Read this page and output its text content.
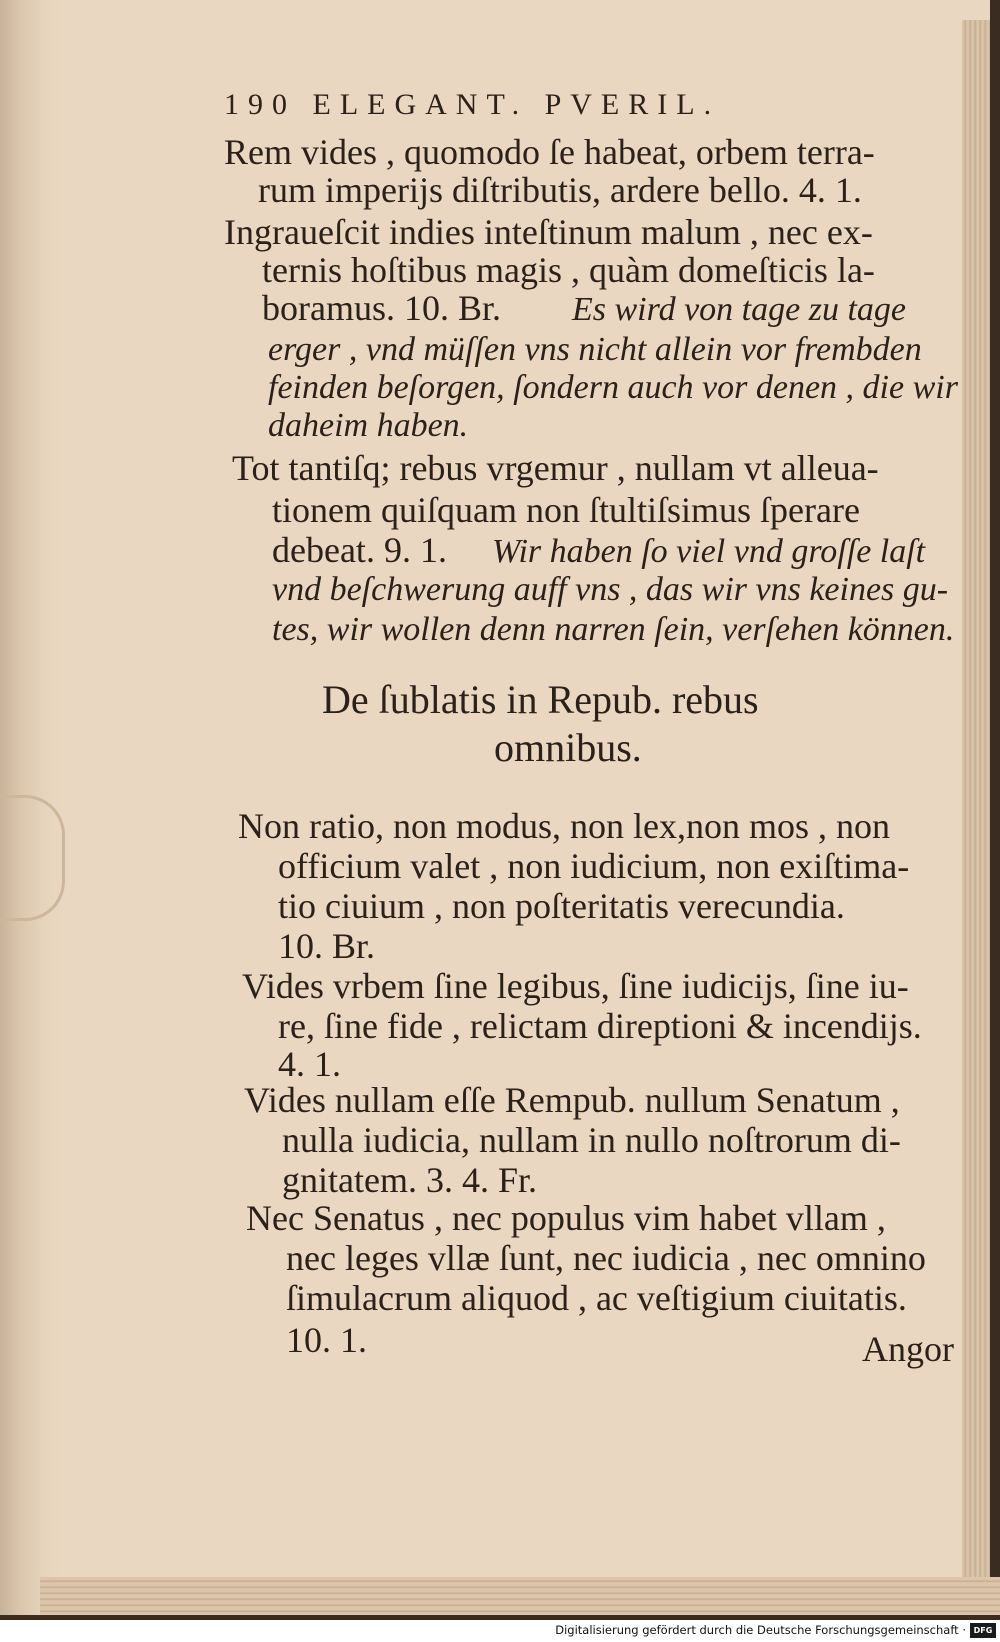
190 ELEGANT. PVERIL.
Rem vides , quomodo ſe habeat, orbem terra-
rum imperijs diſtributis, ardere bello. 4. 1.
Ingraueſcit indies inteſtinum malum , nec ex-
ternis hoſtibus magis , quàm domeſticis la-
boramus. 10. Br. Es wird von tage zu tage
erger , vnd müſſen vns nicht allein vor frembden
feinden beſorgen, ſondern auch vor denen , die wir
daheim haben.
Tot tantiſq; rebus vrgemur , nullam vt alleua-
tionem quiſquam non ſtultiſsimus ſperare
debeat. 9. 1. Wir haben ſo viel vnd groſſe laſt
vnd beſchwerung auff vns , das wir vns keines gu-
tes, wir wollen denn narren ſein, verſehen können.
De ſublatis in Repub. rebus
omnibus.
Non ratio, non modus, non lex,non mos , non
officium valet , non iudicium, non exiſtima-
tio ciuium , non poſteritatis verecundia.
10. Br.
Vides vrbem ſine legibus, ſine iudicijs, ſine iu-
re, ſine fide , relictam direptioni & incendijs.
4. 1.
Vides nullam eſſe Rempub. nullum Senatum ,
nulla iudicia, nullam in nullo noſtrorum di-
gnitatem. 3. 4. Fr.
Nec Senatus , nec populus vim habet vllam ,
nec leges vllæ ſunt, nec iudicia , nec omnino
ſimulacrum aliquod , ac veſtigium ciuitatis.
10. 1.	Angor
Digitalisierung gefördert durch die Deutsche Forschungsgemeinschaft · DFG
